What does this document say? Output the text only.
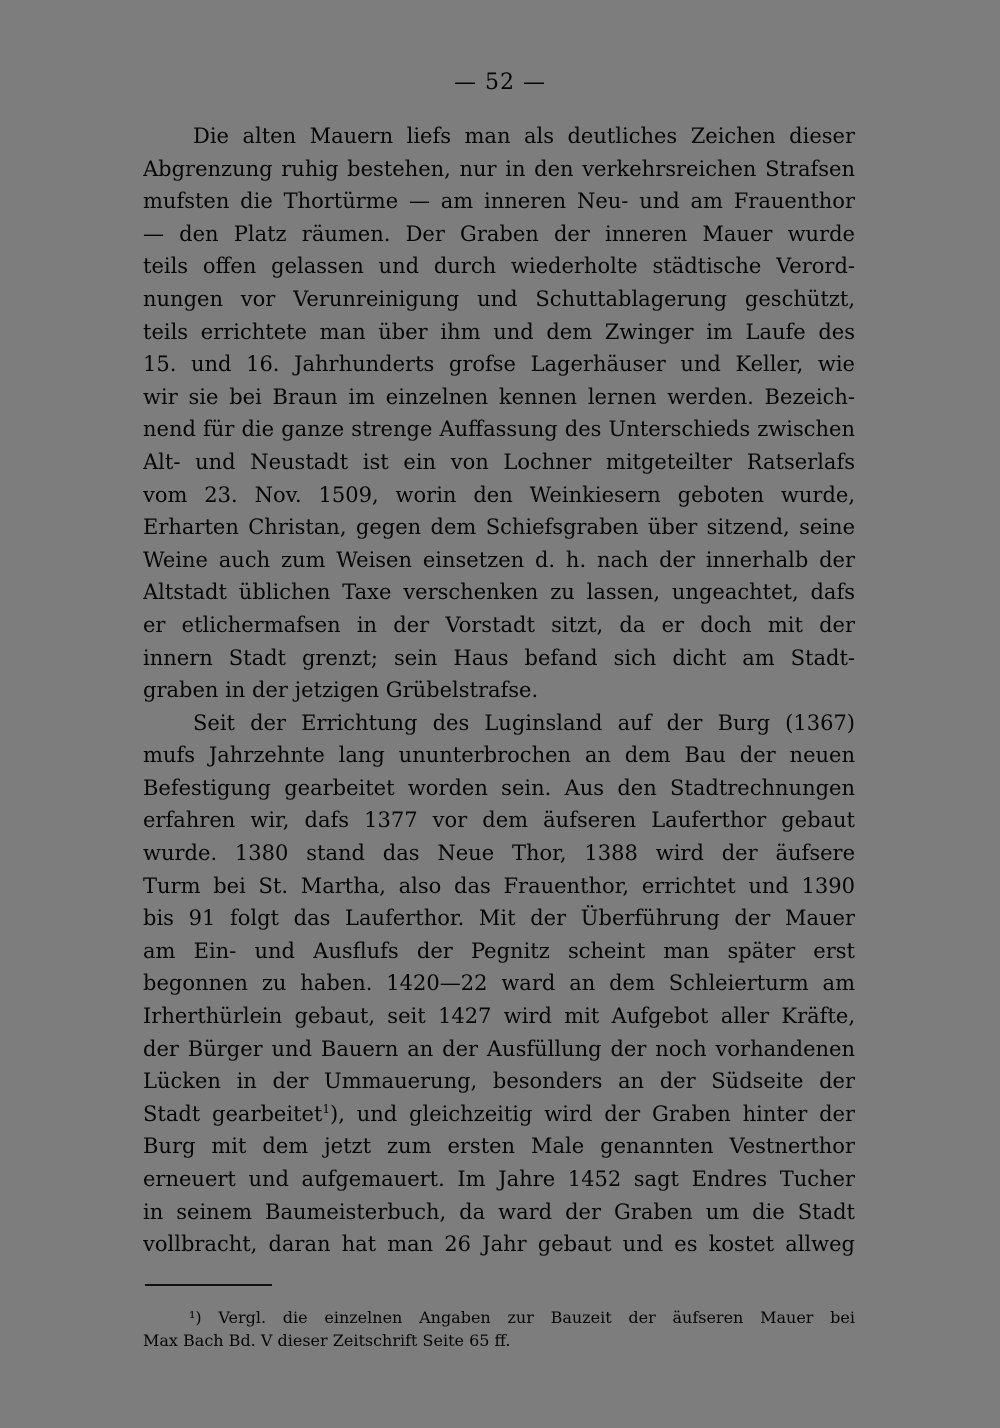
— 52 —
Die alten Mauern liefs man als deutliches Zeichen dieser
Abgrenzung ruhig bestehen, nur in den verkehrsreichen Strafsen
mufsten die Thortürme — am inneren Neu- und am Frauenthor
— den Platz räumen. Der Graben der inneren Mauer wurde
teils offen gelassen und durch wiederholte städtische Verord-
nungen vor Verunreinigung und Schuttablagerung geschützt,
teils errichtete man über ihm und dem Zwinger im Laufe des
15. und 16. Jahrhunderts grofse Lagerhäuser und Keller, wie
wir sie bei Braun im einzelnen kennen lernen werden. Bezeich-
nend für die ganze strenge Auffassung des Unterschieds zwischen
Alt- und Neustadt ist ein von Lochner mitgeteilter Ratserlafs
vom 23. Nov. 1509, worin den Weinkiesern geboten wurde,
Erharten Christan, gegen dem Schiefsgraben über sitzend, seine
Weine auch zum Weisen einsetzen d. h. nach der innerhalb der
Altstadt üblichen Taxe verschenken zu lassen, ungeachtet, dafs
er etlichermafsen in der Vorstadt sitzt, da er doch mit der
innern Stadt grenzt; sein Haus befand sich dicht am Stadt-
graben in der jetzigen Grübelstrafse.
Seit der Errichtung des Luginsland auf der Burg (1367)
mufs Jahrzehnte lang ununterbrochen an dem Bau der neuen
Befestigung gearbeitet worden sein. Aus den Stadtrechnungen
erfahren wir, dafs 1377 vor dem äufseren Lauferthor gebaut
wurde. 1380 stand das Neue Thor, 1388 wird der äufsere
Turm bei St. Martha, also das Frauenthor, errichtet und 1390
bis 91 folgt das Lauferthor. Mit der Überführung der Mauer
am Ein- und Ausflufs der Pegnitz scheint man später erst
begonnen zu haben. 1420—22 ward an dem Schleierturm am
Irherthürlein gebaut, seit 1427 wird mit Aufgebot aller Kräfte,
der Bürger und Bauern an der Ausfüllung der noch vorhandenen
Lücken in der Ummauerung, besonders an der Südseite der
Stadt gearbeitet$^1$), und gleichzeitig wird der Graben hinter der
Burg mit dem jetzt zum ersten Male genannten Vestnerthor
erneuert und aufgemauert. Im Jahre 1452 sagt Endres Tucher
in seinem Baumeisterbuch, da ward der Graben um die Stadt
vollbracht, daran hat man 26 Jahr gebaut und es kostet allweg
¹) Vergl. die einzelnen Angaben zur Bauzeit der äufseren Mauer bei
Max Bach Bd. V dieser Zeitschrift Seite 65 ff.
